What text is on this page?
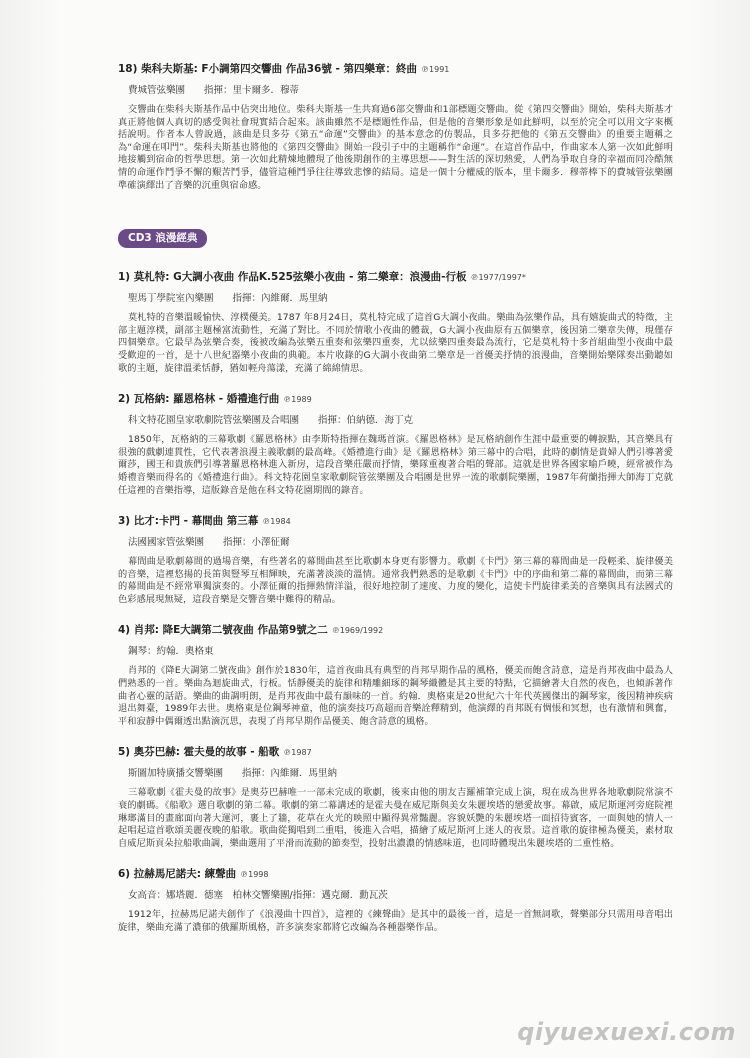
18) 柴科夫斯基: F小調第四交響曲 作品36號 - 第四樂章：終曲 ℗1991
費城管弦樂團　　指揮：里卡爾多．穆蒂
交響曲在柴科夫斯基作品中佔突出地位。柴科夫斯基一生共寫過6部交響曲和1部標題交響曲。從《第四交響曲》開始，柴科夫斯基才真正將他個人真切的感受與社會現實結合起來。該曲雖然不是標題性作品，但是他的音樂形象是如此鮮明，以至於完全可以用文字來概括說明。作者本人曾說過，該曲是貝多芬《第五“命運”交響曲》的基本意念的仿製品，貝多芬把他的《第五交響曲》的重要主題稱之為“命運在叩門”。柴科夫斯基也將他的《第四交響曲》開始一段引子中的主題稱作“命運”。在這首作品中，作曲家本人第一次如此鮮明地接觸到宿命的哲學思想。第一次如此精煉地體現了他後期創作的主導思想——對生活的深切熱愛，人們為爭取自身的幸福而同冷酷無情的命運作鬥爭不懈的艱苦鬥爭，儘管這種鬥爭往往導致悲慘的結局。這是一個十分權威的版本，里卡爾多．穆蒂棒下的費城管弦樂團準確演繹出了音樂的沉重與宿命感。
CD3 浪漫經典
1) 莫札特: G大調小夜曲 作品K.525弦樂小夜曲 - 第二樂章：浪漫曲-行板 ℗1977/1997*
聖馬丁學院室內樂團　　指揮：內維爾．馬里納
莫札特的音樂溫暖愉快、淳樸優美。1787 年8月24日，莫札特完成了這首G大調小夜曲。樂曲為弦樂作品，具有嬉旋曲式的特徵，主部主題淳樸，副部主題極富流動性，充滿了對比。不同於情歌小夜曲的體裁，G大調小夜曲原有五個樂章，後因第二樂章失傳，現僅存四個樂章。它最早為弦樂合奏，後被改編為弦樂五重奏和弦樂四重奏，尤以絃樂四重奏最為流行，它是莫札特十多首組曲型小夜曲中最受歡迎的一首，是十八世紀器樂小夜曲的典範。本片收錄的G大調小夜曲第二樂章是一首優美抒情的浪漫曲，音樂開始樂隊奏出動聽如歌的主題，旋律溫柔恬靜，猶如輕舟蕩漾，充滿了綿綿情思。
2) 瓦格納: 羅恩格林 - 婚禮進行曲 ℗1989
科文特花園皇家歌劇院管弦樂團及合唱團　　指揮：伯納德．海丁克
1850年，瓦格納的三幕歌劇《羅恩格林》由李斯特指揮在魏瑪首演。《羅恩格林》是瓦格納創作生涯中最重要的轉捩點，其音樂具有很強的戲劇連貫性，它代表著浪漫主義歌劇的最高峰。《婚禮進行曲》是《羅恩格林》第三幕中的合唱，此時的劇情是貴婦人們引導著愛爾莎，國王和貴族們引導著羅恩格林進入新房，這段音樂莊嚴而抒情，樂隊重複著合唱的聲部。這就是世界各國家喻戶曉，經常被作為婚禮音樂而得名的《婚禮進行曲》。科文特花園皇家歌劇院管弦樂團及合唱團是世界一流的歌劇院樂團，1987年荷蘭指揮大師海丁克就任這裡的音樂指導，這版錄音是他在科文特花園期間的錄音。
3) 比才:卡門 - 幕間曲 第三幕 ℗1984
法國國家管弦樂團　　指揮：小澤征爾
幕間曲是歌劇幕間的過場音樂，有些著名的幕間曲甚至比歌劇本身更有影響力。歌劇《卡門》第三幕的幕間曲是一段輕柔、旋律優美的音樂，這裡悠揚的長笛與豎琴互相輝映，充滿著淡淡的溫情。通常我們熟悉的是歌劇《卡門》中的序曲和第二幕的幕間曲，而第三幕的幕間曲是不經常單獨演奏的。小澤征爾的指揮熱情洋溢，很好地控制了速度、力度的變化，這使卡門旋律柔美的音樂與具有法國式的色彩感展現無疑，這段音樂是交響音樂中難得的精品。
4) 肖邦: 降E大調第二號夜曲 作品第9號之二 ℗1969/1992
鋼琴：約翰．奧格東
肖邦的《降E大調第二號夜曲》創作於1830年，這首夜曲具有典型的肖邦早期作品的風格，優美而飽含詩意，這是肖邦夜曲中最為人們熟悉的一首。樂曲為迴旋曲式，行板。恬靜優美的旋律和精雕細琢的鋼琴織體是其主要的特點，它描繪著大自然的夜色，也傾訴著作曲者心靈的話語。樂曲的曲調明朗，是肖邦夜曲中最有韻味的一首。約翰．奧格東是20世紀六十年代英國傑出的鋼琴家，後因精神疾病退出舞臺，1989年去世。奧格東是位鋼琴神童，他的演奏技巧高超而音樂詮釋精到，他演繹的肖邦既有惆悵和冥想，也有激情和興奮，平和寂靜中偶爾透出點滴沉思，表現了肖邦早期作品優美、飽含詩意的風格。
5) 奧芬巴赫: 霍夫曼的故事 - 船歌 ℗1987
斯圖加特廣播交響樂團　　指揮：內維爾．馬里納
三幕歌劇《霍夫曼的故事》是奧芬巴赫唯一一部未完成的歌劇，後來由他的朋友吉羅補筆完成上演，現在成為世界各地歌劇院常演不衰的劇碼。《船歌》選自歌劇的第二幕。歌劇的第二幕講述的是霍夫曼在威尼斯與美女朱麗埃塔的戀愛故事。幕啟，威尼斯運河旁庭院裡琳瑯滿目的畫廊面向著大運河，裹上了牆，花草在火光的映照中顯得異常豔麗。容貌妖艷的朱麗埃塔一面招待賓客，一面與她的情人一起唱起這首歌頌美麗夜晚的船歌。歌曲從獨唱到二重唱，後進入合唱，描繪了威尼斯河上迷人的夜景。這首歌的旋律極為優美，素材取自威尼斯貢朵拉船歌曲調，樂曲選用了平滑而流動的節奏型，投射出濃濃的情感味道，也同時體現出朱麗埃塔的二重性格。
6) 拉赫馬尼諾夫: 練聲曲 ℗1998
女高音：娜塔麗．德塞　柏林交響樂團/指揮：邁克爾．勳瓦茨
1912年，拉赫馬尼諾夫創作了《浪漫曲十四首》，這裡的《練聲曲》是其中的最後一首，這是一首無詞歌，聲樂部分只需用母音唱出旋律，樂曲充滿了濃郁的俄羅斯風格，許多演奏家都將它改編為各種器樂作品。
qiyuexuexi.com
